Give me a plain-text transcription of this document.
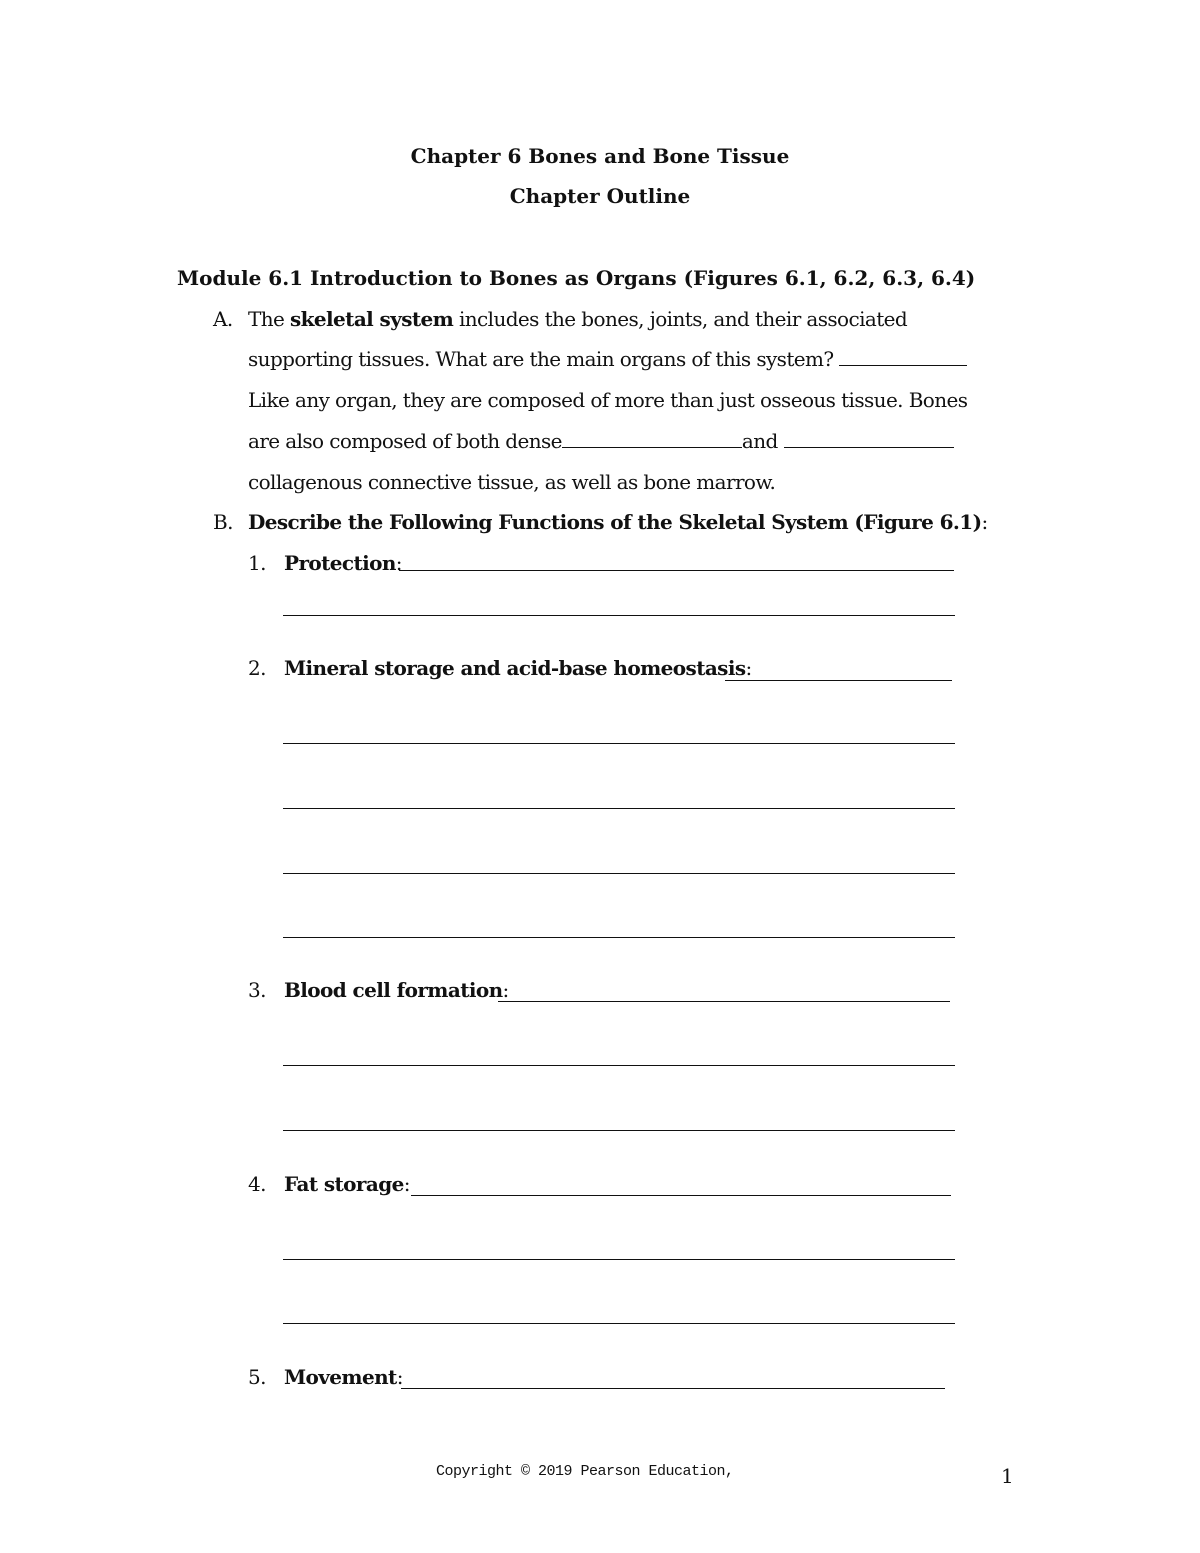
Chapter 6 Bones and Bone Tissue
Chapter Outline
Module 6.1 Introduction to Bones as Organs (Figures 6.1, 6.2, 6.3, 6.4)
A. The skeletal system includes the bones, joints, and their associated
supporting tissues. What are the main organs of this system?
Like any organ, they are composed of more than just osseous tissue. Bones
are also composed of both dense	and
collagenous connective tissue, as well as bone marrow.
B. Describe the Following Functions of the Skeletal System (Figure 6.1):
1. Protection:
2. Mineral storage and acid-base homeostasis:
3. Blood cell formation:
4. Fat storage:
5. Movement:
Copyright © 2019 Pearson Education,	1
